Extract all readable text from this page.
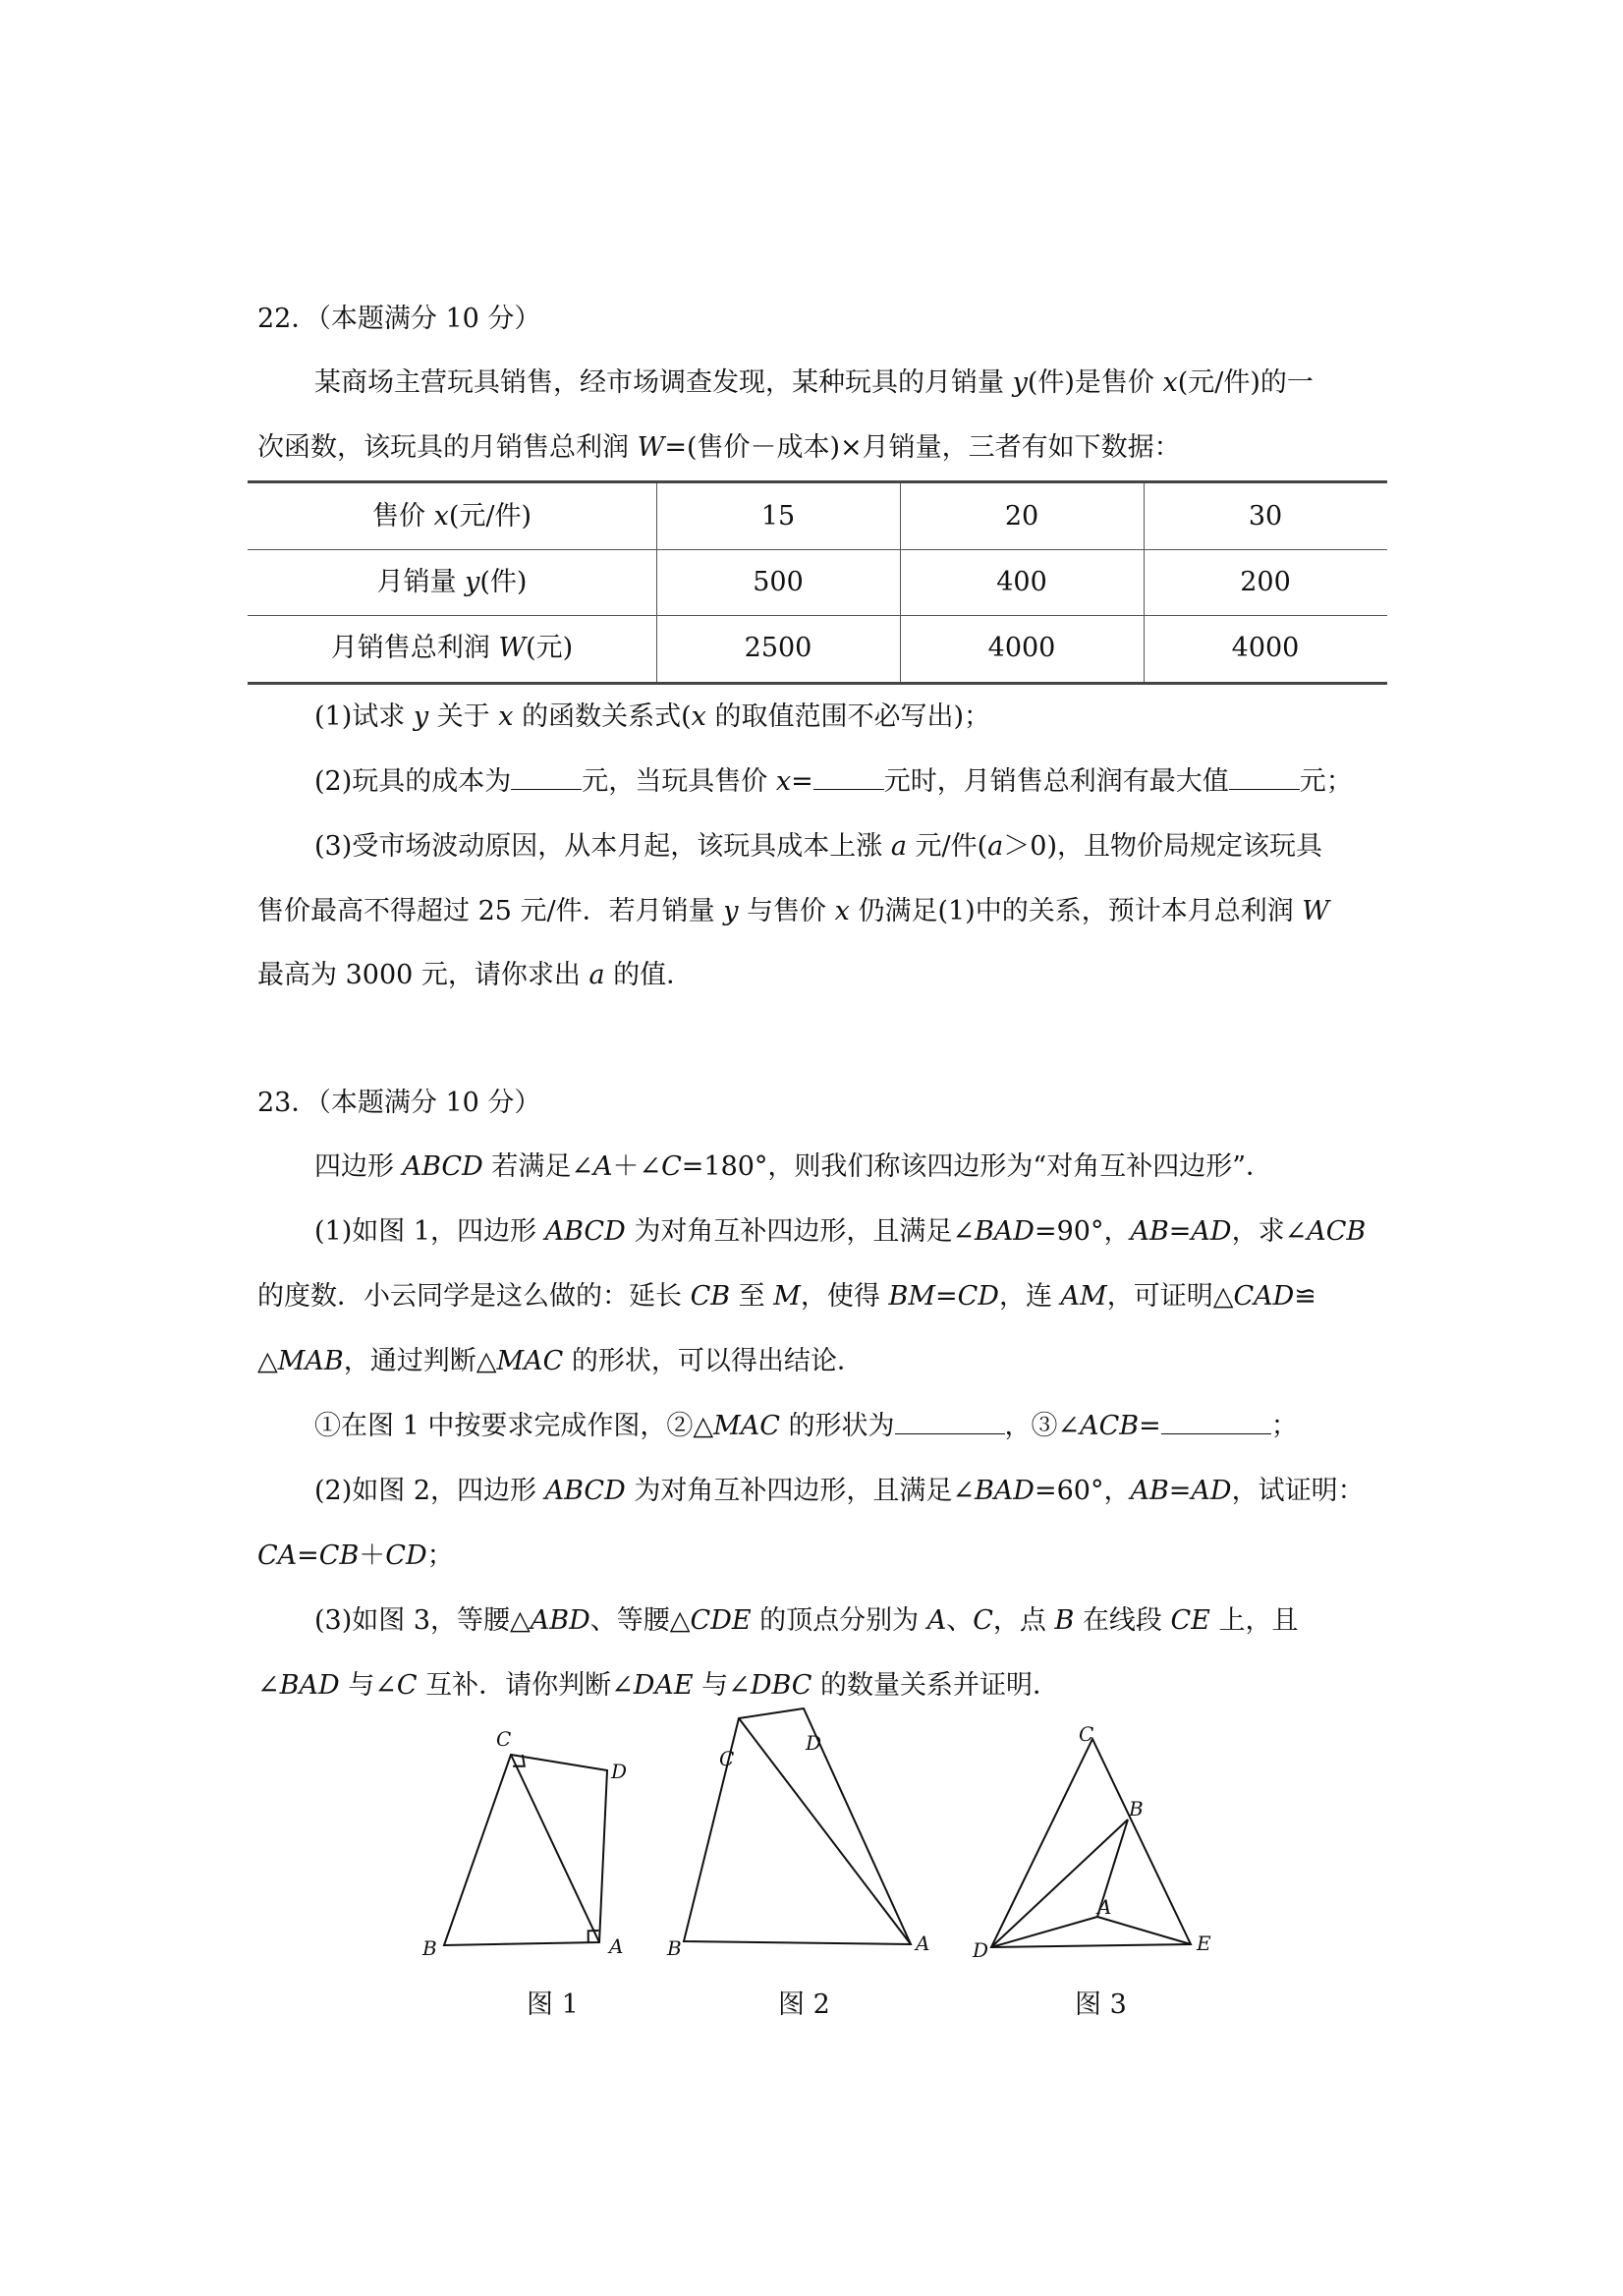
22．（本题满分 10 分）
某商场主营玩具销售，经市场调查发现，某种玩具的月销量 y(件)是售价 x(元/件)的一
次函数，该玩具的月销售总利润 W=(售价－成本)×月销量，三者有如下数据：
售价 x(元/件)	15	20	30
月销量 y(件)	500	400	200
月销售总利润 W(元)	2500	4000	4000
(1)试求 y 关于 x 的函数关系式(x 的取值范围不必写出)；
(2)玩具的成本为	元，当玩具售价 x=	元时，月销售总利润有最大值	元；
(3)受市场波动原因，从本月起，该玩具成本上涨 a 元/件(a＞0)，且物价局规定该玩具
售价最高不得超过 25 元/件．若月销量 y 与售价 x 仍满足(1)中的关系，预计本月总利润 W
最高为 3000 元，请你求出 a 的值．
23．（本题满分 10 分）
四边形 ABCD 若满足∠A＋∠C=180°，则我们称该四边形为“对角互补四边形”．
(1)如图 1，四边形 ABCD 为对角互补四边形，且满足∠BAD=90°，AB=AD，求∠ACB
的度数．小云同学是这么做的：延长 CB 至 M，使得 BM=CD，连 AM，可证明△CAD≌
△MAB，通过判断△MAC 的形状，可以得出结论．
①在图 1 中按要求完成作图，②△MAC 的形状为	，③∠ACB=	；
(2)如图 2，四边形 ABCD 为对角互补四边形，且满足∠BAD=60°，AB=AD，试证明：
CA=CB＋CD；
(3)如图 3，等腰△ABD、等腰△CDE 的顶点分别为 A、C，点 B 在线段 CE 上，且
∠BAD 与∠C 互补．请你判断∠DAE 与∠DBC 的数量关系并证明．
C
D
B	A
C
D
B	A
C
B
A
D	E
图 1	图 2	图 3
